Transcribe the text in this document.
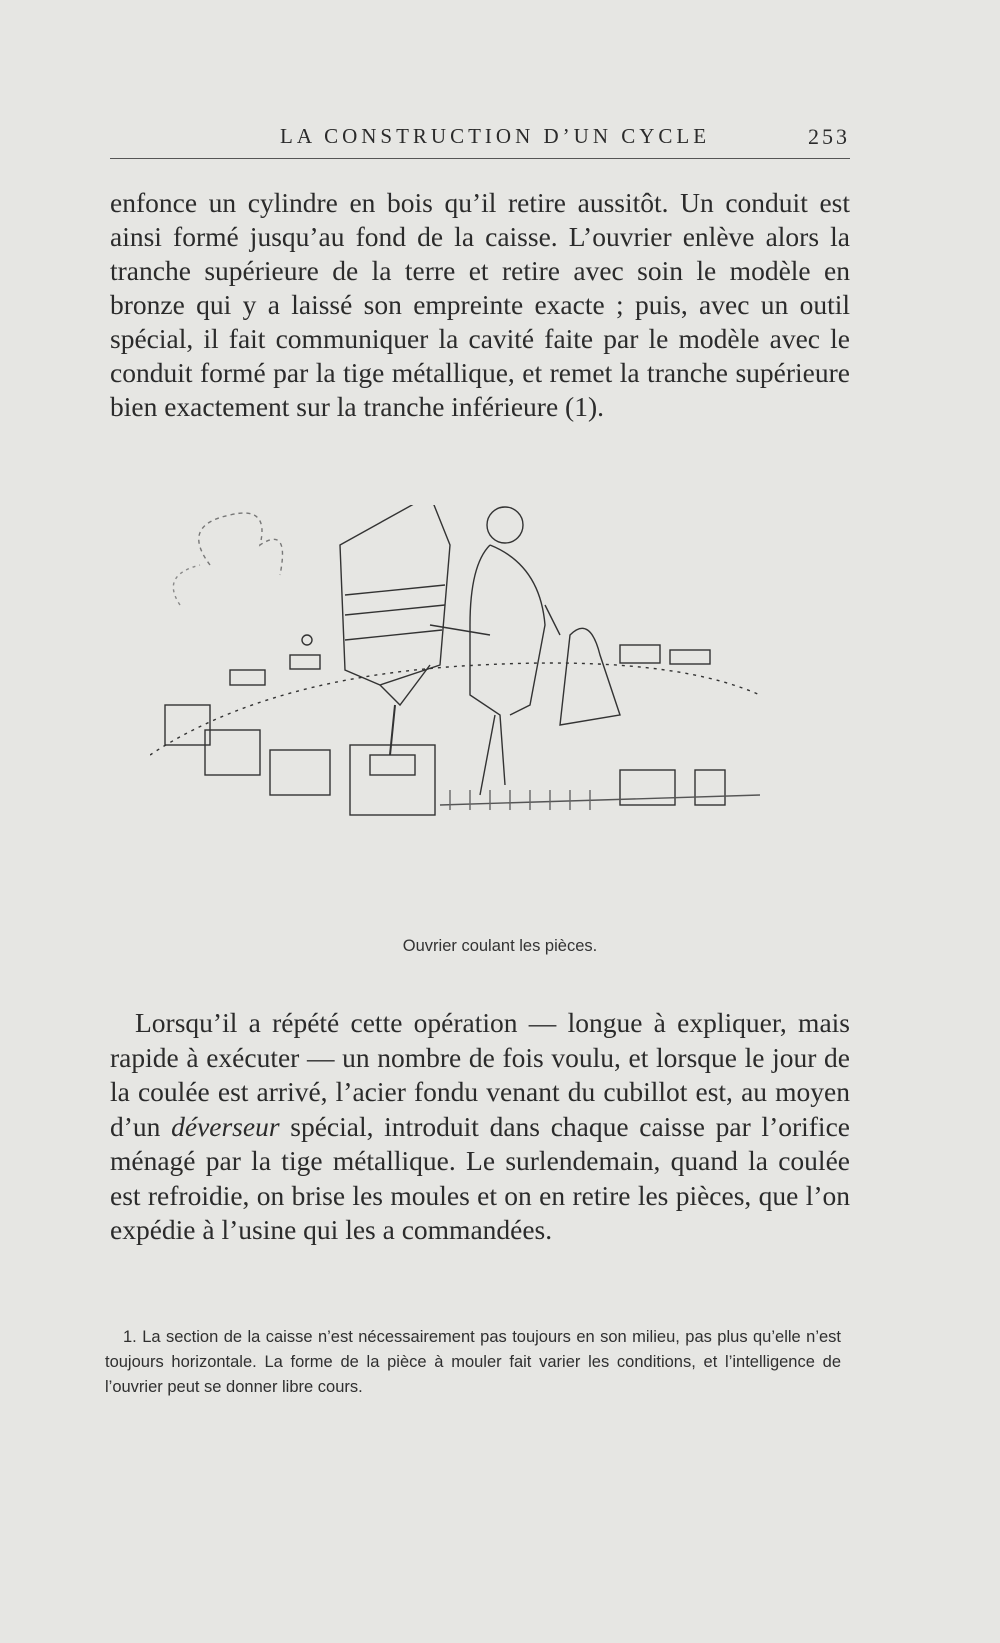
LA CONSTRUCTION D’UN CYCLE	253

enfonce un cylindre en bois qu’il retire aussitôt. Un conduit est ainsi formé jusqu’au fond de la caisse. L’ouvrier enlève alors la tranche supérieure de la terre et retire avec soin le modèle en bronze qui y a laissé son empreinte exacte ; puis, avec un outil spécial, il fait communiquer la cavité faite par le modèle avec le conduit formé par la tige métallique, et remet la tranche supérieure bien exactement sur la tranche inférieure (1).

Ouvrier coulant les pièces.

Lorsqu’il a répété cette opération — longue à expliquer, mais rapide à exécuter — un nombre de fois voulu, et lorsque le jour de la coulée est arrivé, l’acier fondu venant du cubillot est, au moyen d’un déverseur spécial, introduit dans chaque caisse par l’orifice ménagé par la tige métallique. Le surlendemain, quand la coulée est refroidie, on brise les moules et on en retire les pièces, que l’on expédie à l’usine qui les a commandées.

1. La section de la caisse n’est nécessairement pas toujours en son milieu, pas plus qu’elle n’est toujours horizontale. La forme de la pièce à mouler fait varier les conditions, et l’intelligence de l’ouvrier peut se donner libre cours.
